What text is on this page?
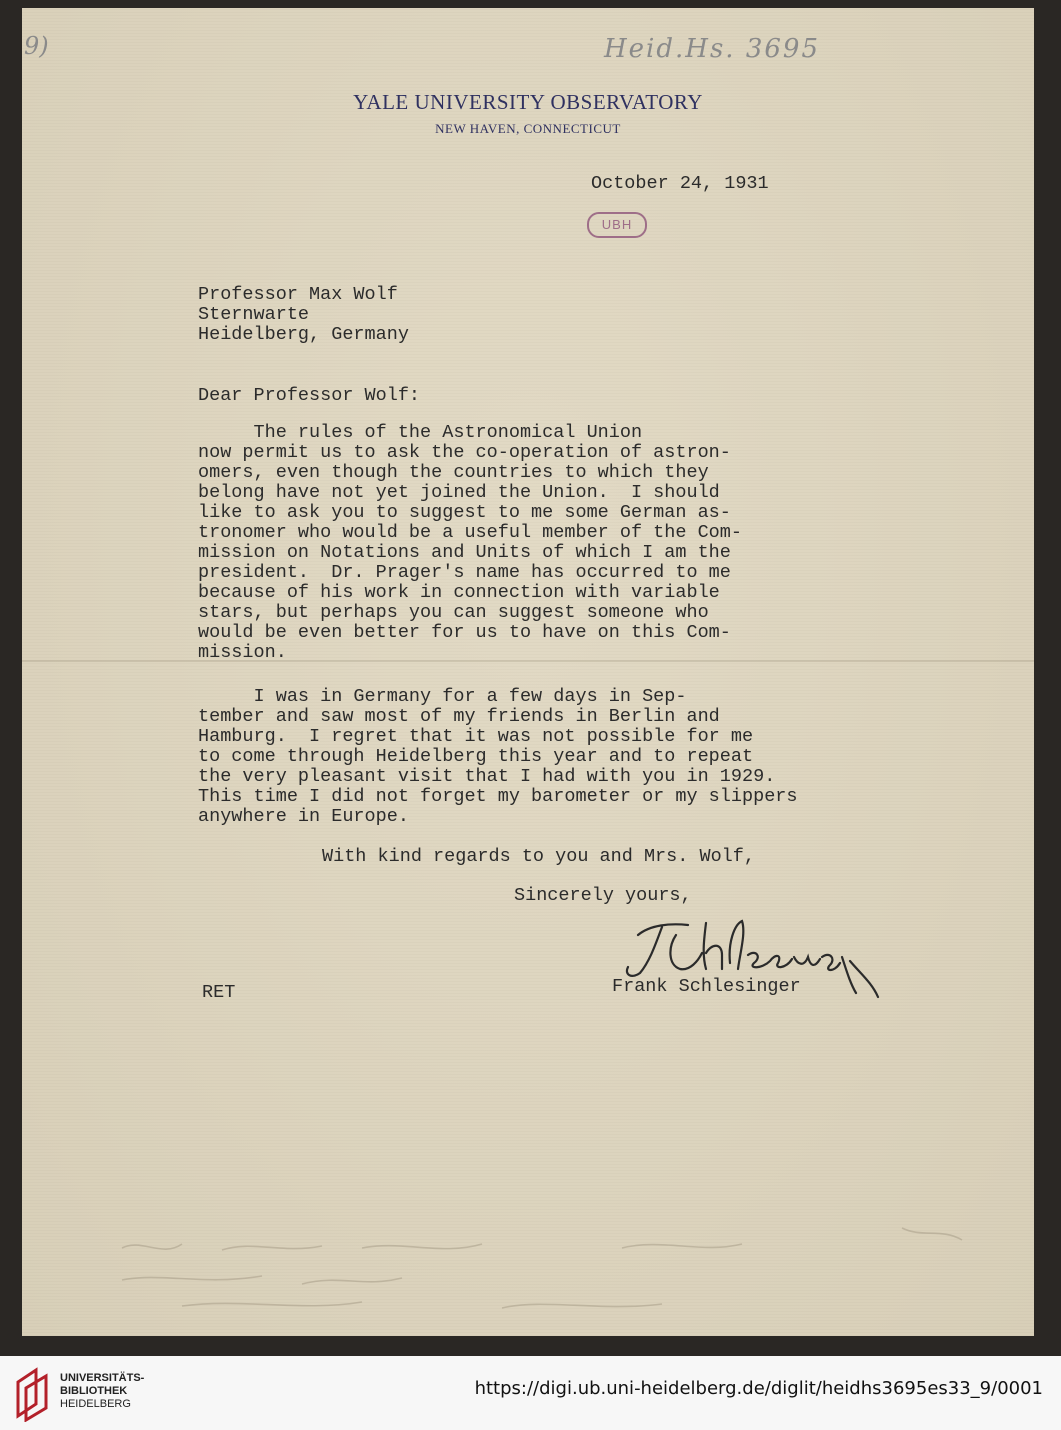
9)	Heid.Hs. 3695
YALE UNIVERSITY OBSERVATORY
NEW HAVEN, CONNECTICUT
October 24, 1931
UBH
Professor Max Wolf
Sternwarte
Heidelberg, Germany
Dear Professor Wolf:
The rules of the Astronomical Union
now permit us to ask the co-operation of astron-
omers, even though the countries to which they
belong have not yet joined the Union.  I should
like to ask you to suggest to me some German as-
tronomer who would be a useful member of the Com-
mission on Notations and Units of which I am the
president.  Dr. Prager's name has occurred to me
because of his work in connection with variable
stars, but perhaps you can suggest someone who
would be even better for us to have on this Com-
mission.
I was in Germany for a few days in Sep-
tember and saw most of my friends in Berlin and
Hamburg.  I regret that it was not possible for me
to come through Heidelberg this year and to repeat
the very pleasant visit that I had with you in 1929.
This time I did not forget my barometer or my slippers
anywhere in Europe.
With kind regards to you and Mrs. Wolf,
Sincerely yours,
Frank Schlesinger
RET
UNIVERSITÄTS-
BIBLIOTHEK
HEIDELBERG
https://digi.ub.uni-heidelberg.de/diglit/heidhs3695es33_9/0001
